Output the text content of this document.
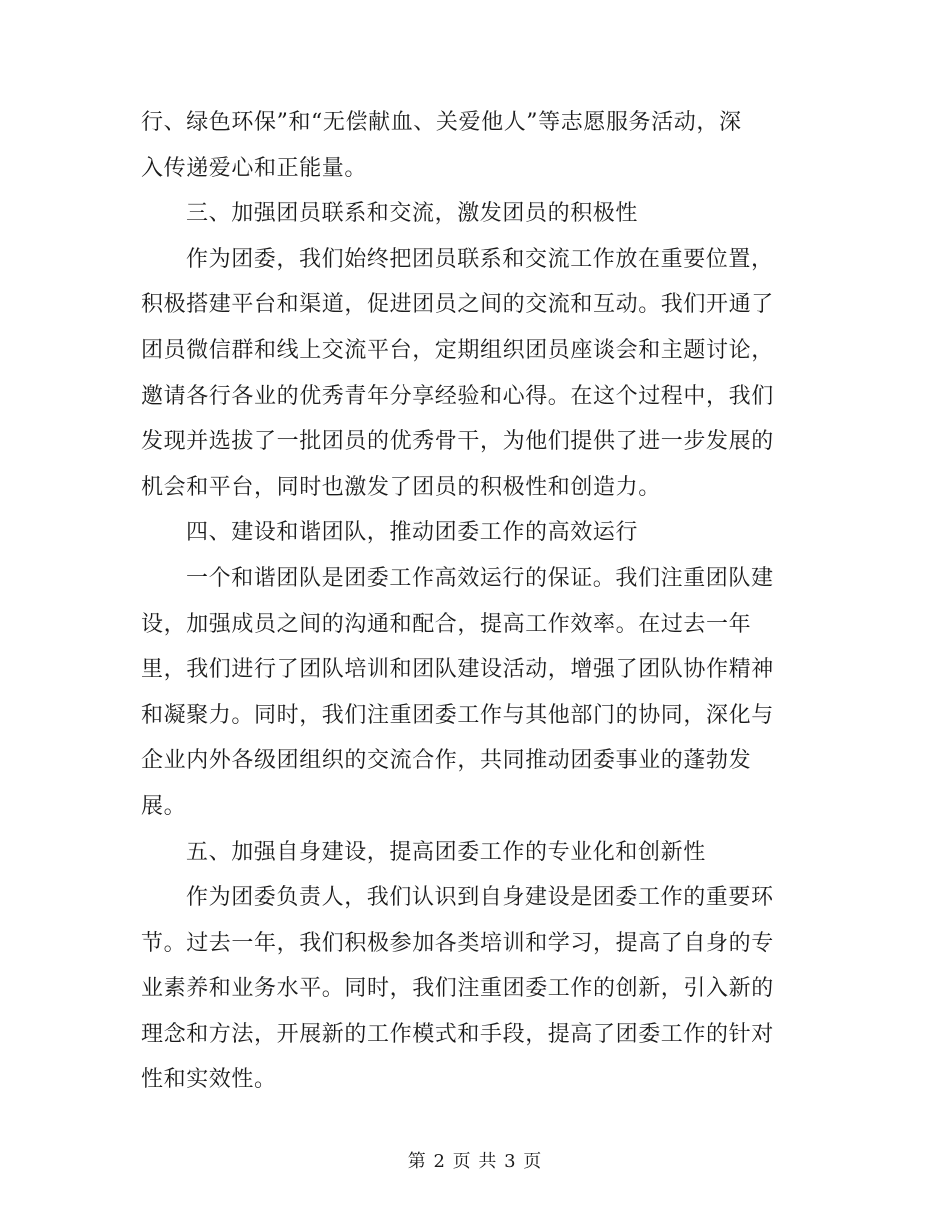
行、绿色环保”和“无偿献血、关爱他人”等志愿服务活动，深
入传递爱心和正能量。
三、加强团员联系和交流，激发团员的积极性
作为团委，我们始终把团员联系和交流工作放在重要位置，
积极搭建平台和渠道，促进团员之间的交流和互动。我们开通了
团员微信群和线上交流平台，定期组织团员座谈会和主题讨论，
邀请各行各业的优秀青年分享经验和心得。在这个过程中，我们
发现并选拔了一批团员的优秀骨干，为他们提供了进一步发展的
机会和平台，同时也激发了团员的积极性和创造力。
四、建设和谐团队，推动团委工作的高效运行
一个和谐团队是团委工作高效运行的保证。我们注重团队建
设，加强成员之间的沟通和配合，提高工作效率。在过去一年
里，我们进行了团队培训和团队建设活动，增强了团队协作精神
和凝聚力。同时，我们注重团委工作与其他部门的协同，深化与
企业内外各级团组织的交流合作，共同推动团委事业的蓬勃发
展。
五、加强自身建设，提高团委工作的专业化和创新性
作为团委负责人，我们认识到自身建设是团委工作的重要环
节。过去一年，我们积极参加各类培训和学习，提高了自身的专
业素养和业务水平。同时，我们注重团委工作的创新，引入新的
理念和方法，开展新的工作模式和手段，提高了团委工作的针对
性和实效性。
第 2 页 共 3 页
